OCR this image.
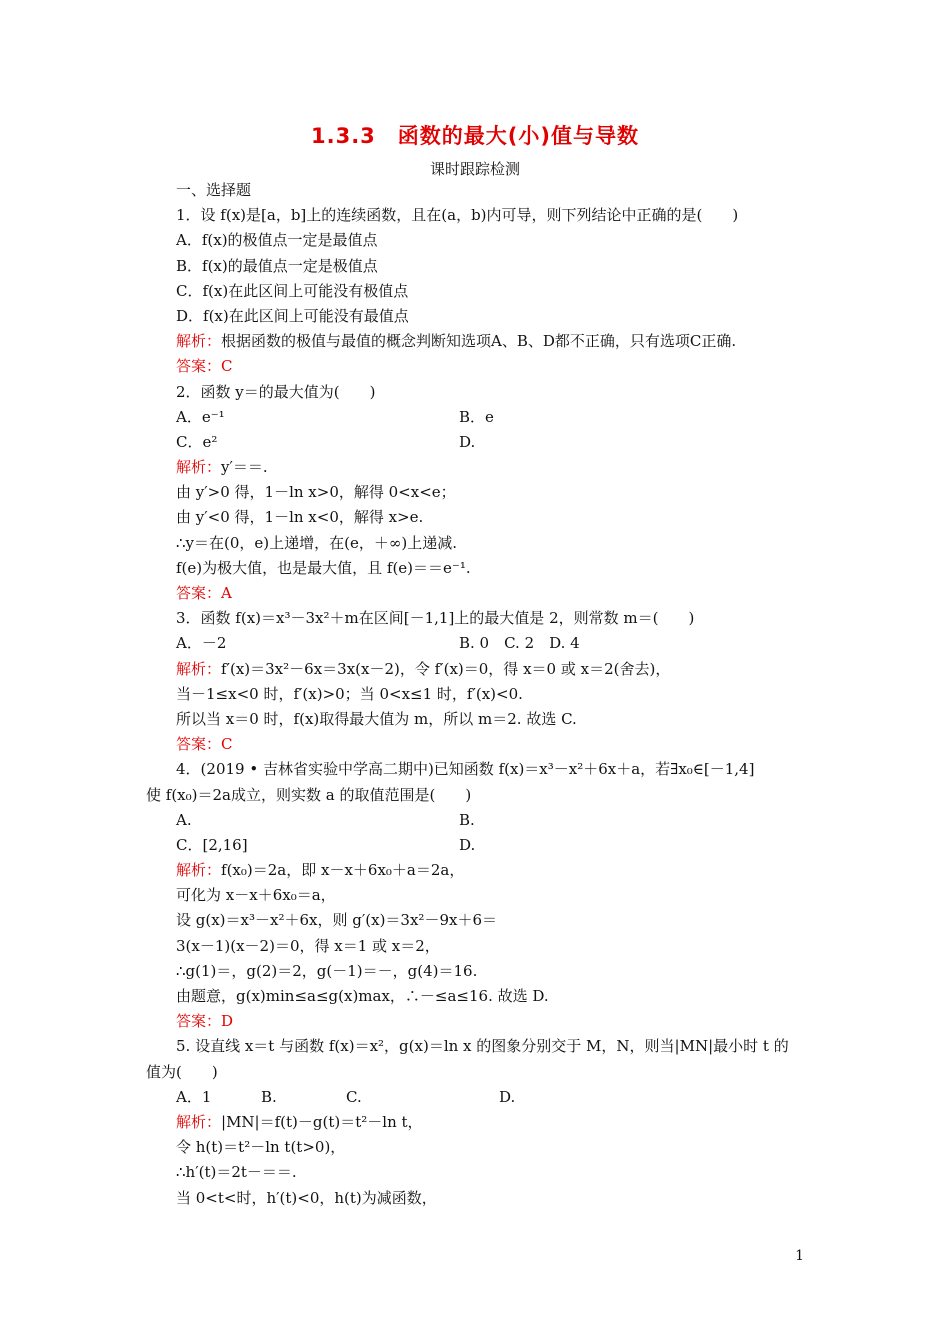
1.3.3　函数的最大(小)值与导数
课时跟踪检测
一、选择题
1．设 f(x)是[a，b]上的连续函数，且在(a，b)内可导，则下列结论中正确的是(　　)
A．f(x)的极值点一定是最值点
B．f(x)的最值点一定是极值点
C．f(x)在此区间上可能没有极值点
D．f(x)在此区间上可能没有最值点
解析：根据函数的极值与最值的概念判断知选项A、B、D都不正确，只有选项C正确.
答案：C
2．函数 y＝的最大值为(　　)
A．e⁻¹	B．e
C．e²	D.
解析：y′＝＝.
由 y′>0 得，1－ln x>0，解得 0<x<e；
由 y′<0 得，1－ln x<0，解得 x>e.
∴y＝在(0，e)上递增，在(e，＋∞)上递减.
f(e)为极大值，也是最大值，且 f(e)＝＝e⁻¹.
答案：A
3．函数 f(x)＝x³－3x²＋m在区间[－1,1]上的最大值是 2，则常数 m＝(　　)
A．－2	B. 0　C. 2　D. 4
解析：f′(x)＝3x²－6x＝3x(x－2)，令 f′(x)＝0，得 x＝0 或 x＝2(舍去)，
当－1≤x<0 时，f′(x)>0；当 0<x≤1 时，f′(x)<0.
所以当 x＝0 时，f(x)取得最大值为 m，所以 m＝2. 故选 C.
答案：C
4．(2019 • 吉林省实验中学高二期中)已知函数 f(x)＝x³－x²＋6x＋a，若∃x₀∈[－1,4]
使 f(x₀)＝2a成立，则实数 a 的取值范围是(　　)
A.	B.
C．[2,16]	D.
解析：f(x₀)＝2a，即 x－x＋6x₀＋a＝2a，
可化为 x－x＋6x₀＝a，
设 g(x)＝x³－x²＋6x，则 g′(x)＝3x²－9x＋6＝
3(x－1)(x－2)＝0，得 x＝1 或 x＝2，
∴g(1)＝，g(2)＝2，g(－1)＝－，g(4)＝16.
由题意，g(x)min≤a≤g(x)max，∴－≤a≤16. 故选 D.
答案：D
5. 设直线 x＝t 与函数 f(x)＝x²，g(x)＝ln x 的图象分别交于 M，N，则当|MN|最小时 t 的
值为(　　)
A．1	B.	C.	D.
解析：|MN|＝f(t)－g(t)＝t²－ln t，
令 h(t)＝t²－ln t(t>0)，
∴h′(t)＝2t－＝＝.
当 0<t<时，h′(t)<0，h(t)为减函数，
1
